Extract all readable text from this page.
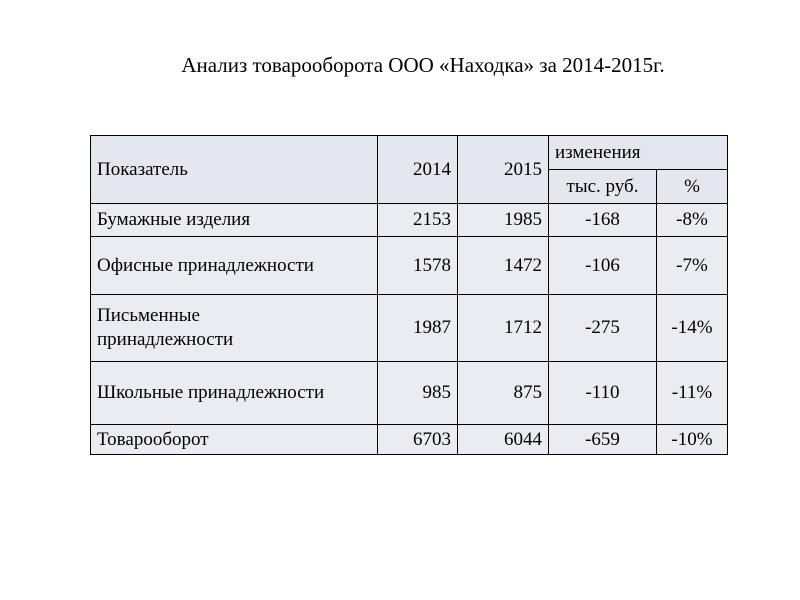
Анализ товарооборота ООО «Находка» за 2014-2015г.
Показатель	2014	2015	изменения	
			тыс. руб.	%
Бумажные изделия	2153	1985	-168	-8%
Офисные принадлежности	1578	1472	-106	-7%

Письменные
принадлежности	1987	1712	-275	-14%
Школьные принадлежности	985	875	-110	-11%
Товарооборот	6703	6044	-659	-10%
